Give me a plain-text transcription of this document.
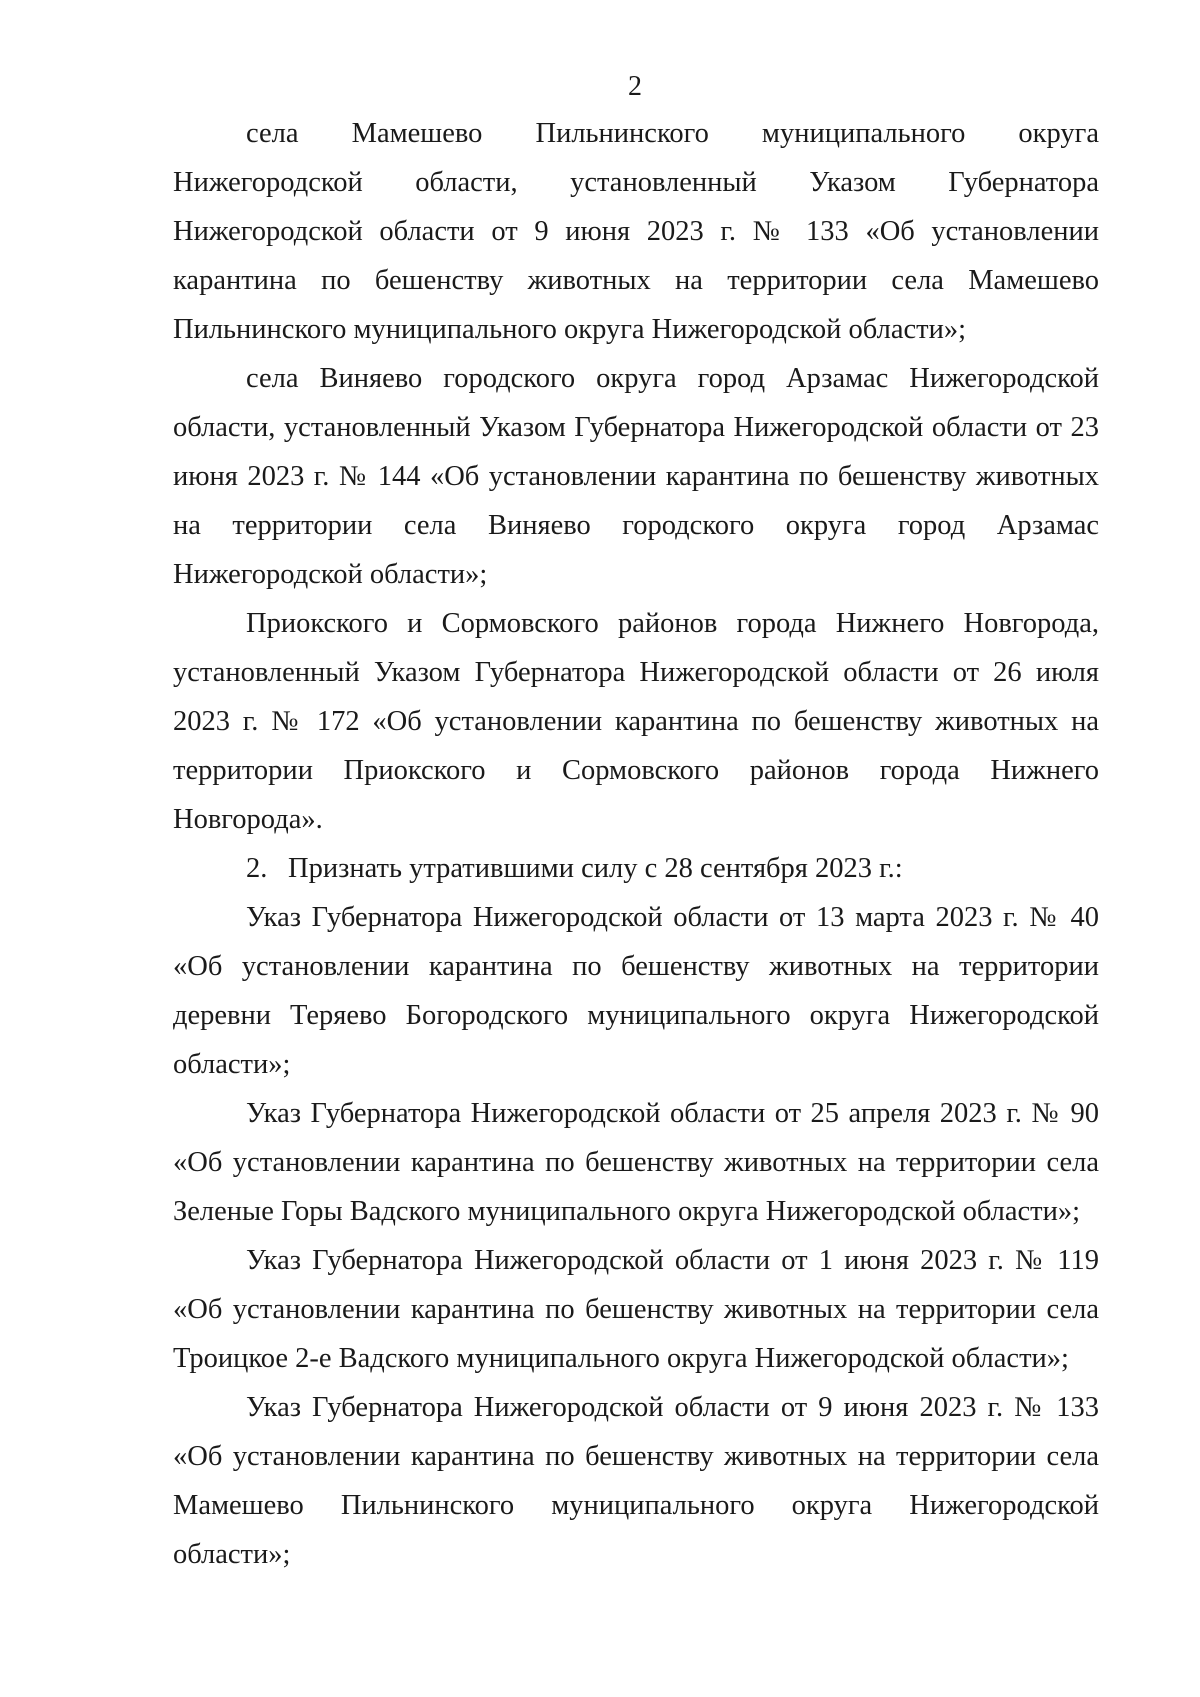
2

села Мамешево Пильнинского муниципального округа Нижегородской области, установленный Указом Губернатора Нижегородской области от 9 июня 2023 г. № 133 «Об установлении карантина по бешенству животных на территории села Мамешево Пильнинского муниципального округа Нижегородской области»;

села Виняево городского округа город Арзамас Нижегородской области, установленный Указом Губернатора Нижегородской области от 23 июня 2023 г. № 144 «Об установлении карантина по бешенству животных на территории села Виняево городского округа город Арзамас Нижегородской области»;

Приокского и Сормовского районов города Нижнего Новгорода, установленный Указом Губернатора Нижегородской области от 26 июля 2023 г. № 172 «Об установлении карантина по бешенству животных на территории Приокского и Сормовского районов города Нижнего Новгорода».

2. Признать утратившими силу с 28 сентября 2023 г.:

Указ Губернатора Нижегородской области от 13 марта 2023 г. № 40 «Об установлении карантина по бешенству животных на территории деревни Теряево Богородского муниципального округа Нижегородской области»;

Указ Губернатора Нижегородской области от 25 апреля 2023 г. № 90 «Об установлении карантина по бешенству животных на территории села Зеленые Горы Вадского муниципального округа Нижегородской области»;

Указ Губернатора Нижегородской области от 1 июня 2023 г. № 119 «Об установлении карантина по бешенству животных на территории села Троицкое 2-е Вадского муниципального округа Нижегородской области»;

Указ Губернатора Нижегородской области от 9 июня 2023 г. № 133 «Об установлении карантина по бешенству животных на территории села Мамешево Пильнинского муниципального округа Нижегородской области»;
